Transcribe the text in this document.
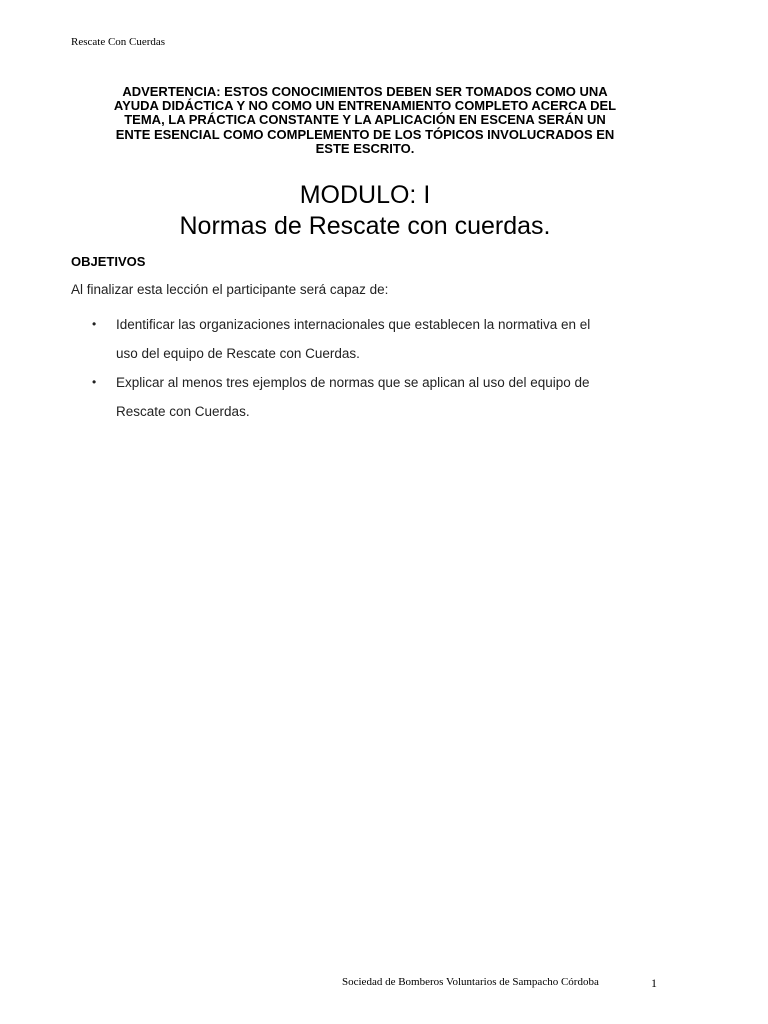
Rescate Con Cuerdas
ADVERTENCIA: ESTOS CONOCIMIENTOS DEBEN SER TOMADOS COMO UNA
AYUDA DIDÁCTICA Y NO COMO UN ENTRENAMIENTO COMPLETO ACERCA DEL
TEMA, LA PRÁCTICA CONSTANTE Y LA APLICACIÓN EN ESCENA SERÁN UN
ENTE ESENCIAL COMO COMPLEMENTO DE LOS TÓPICOS INVOLUCRADOS EN
ESTE ESCRITO.
MODULO: I
Normas de Rescate con cuerdas.
OBJETIVOS
Al finalizar esta lección el participante será capaz de:
• Identificar las organizaciones internacionales que establecen la normativa en el
uso del equipo de Rescate con Cuerdas.
• Explicar al menos tres ejemplos de normas que se aplican al uso del equipo de
Rescate con Cuerdas.
Sociedad de Bomberos Voluntarios de Sampacho Córdoba	1
